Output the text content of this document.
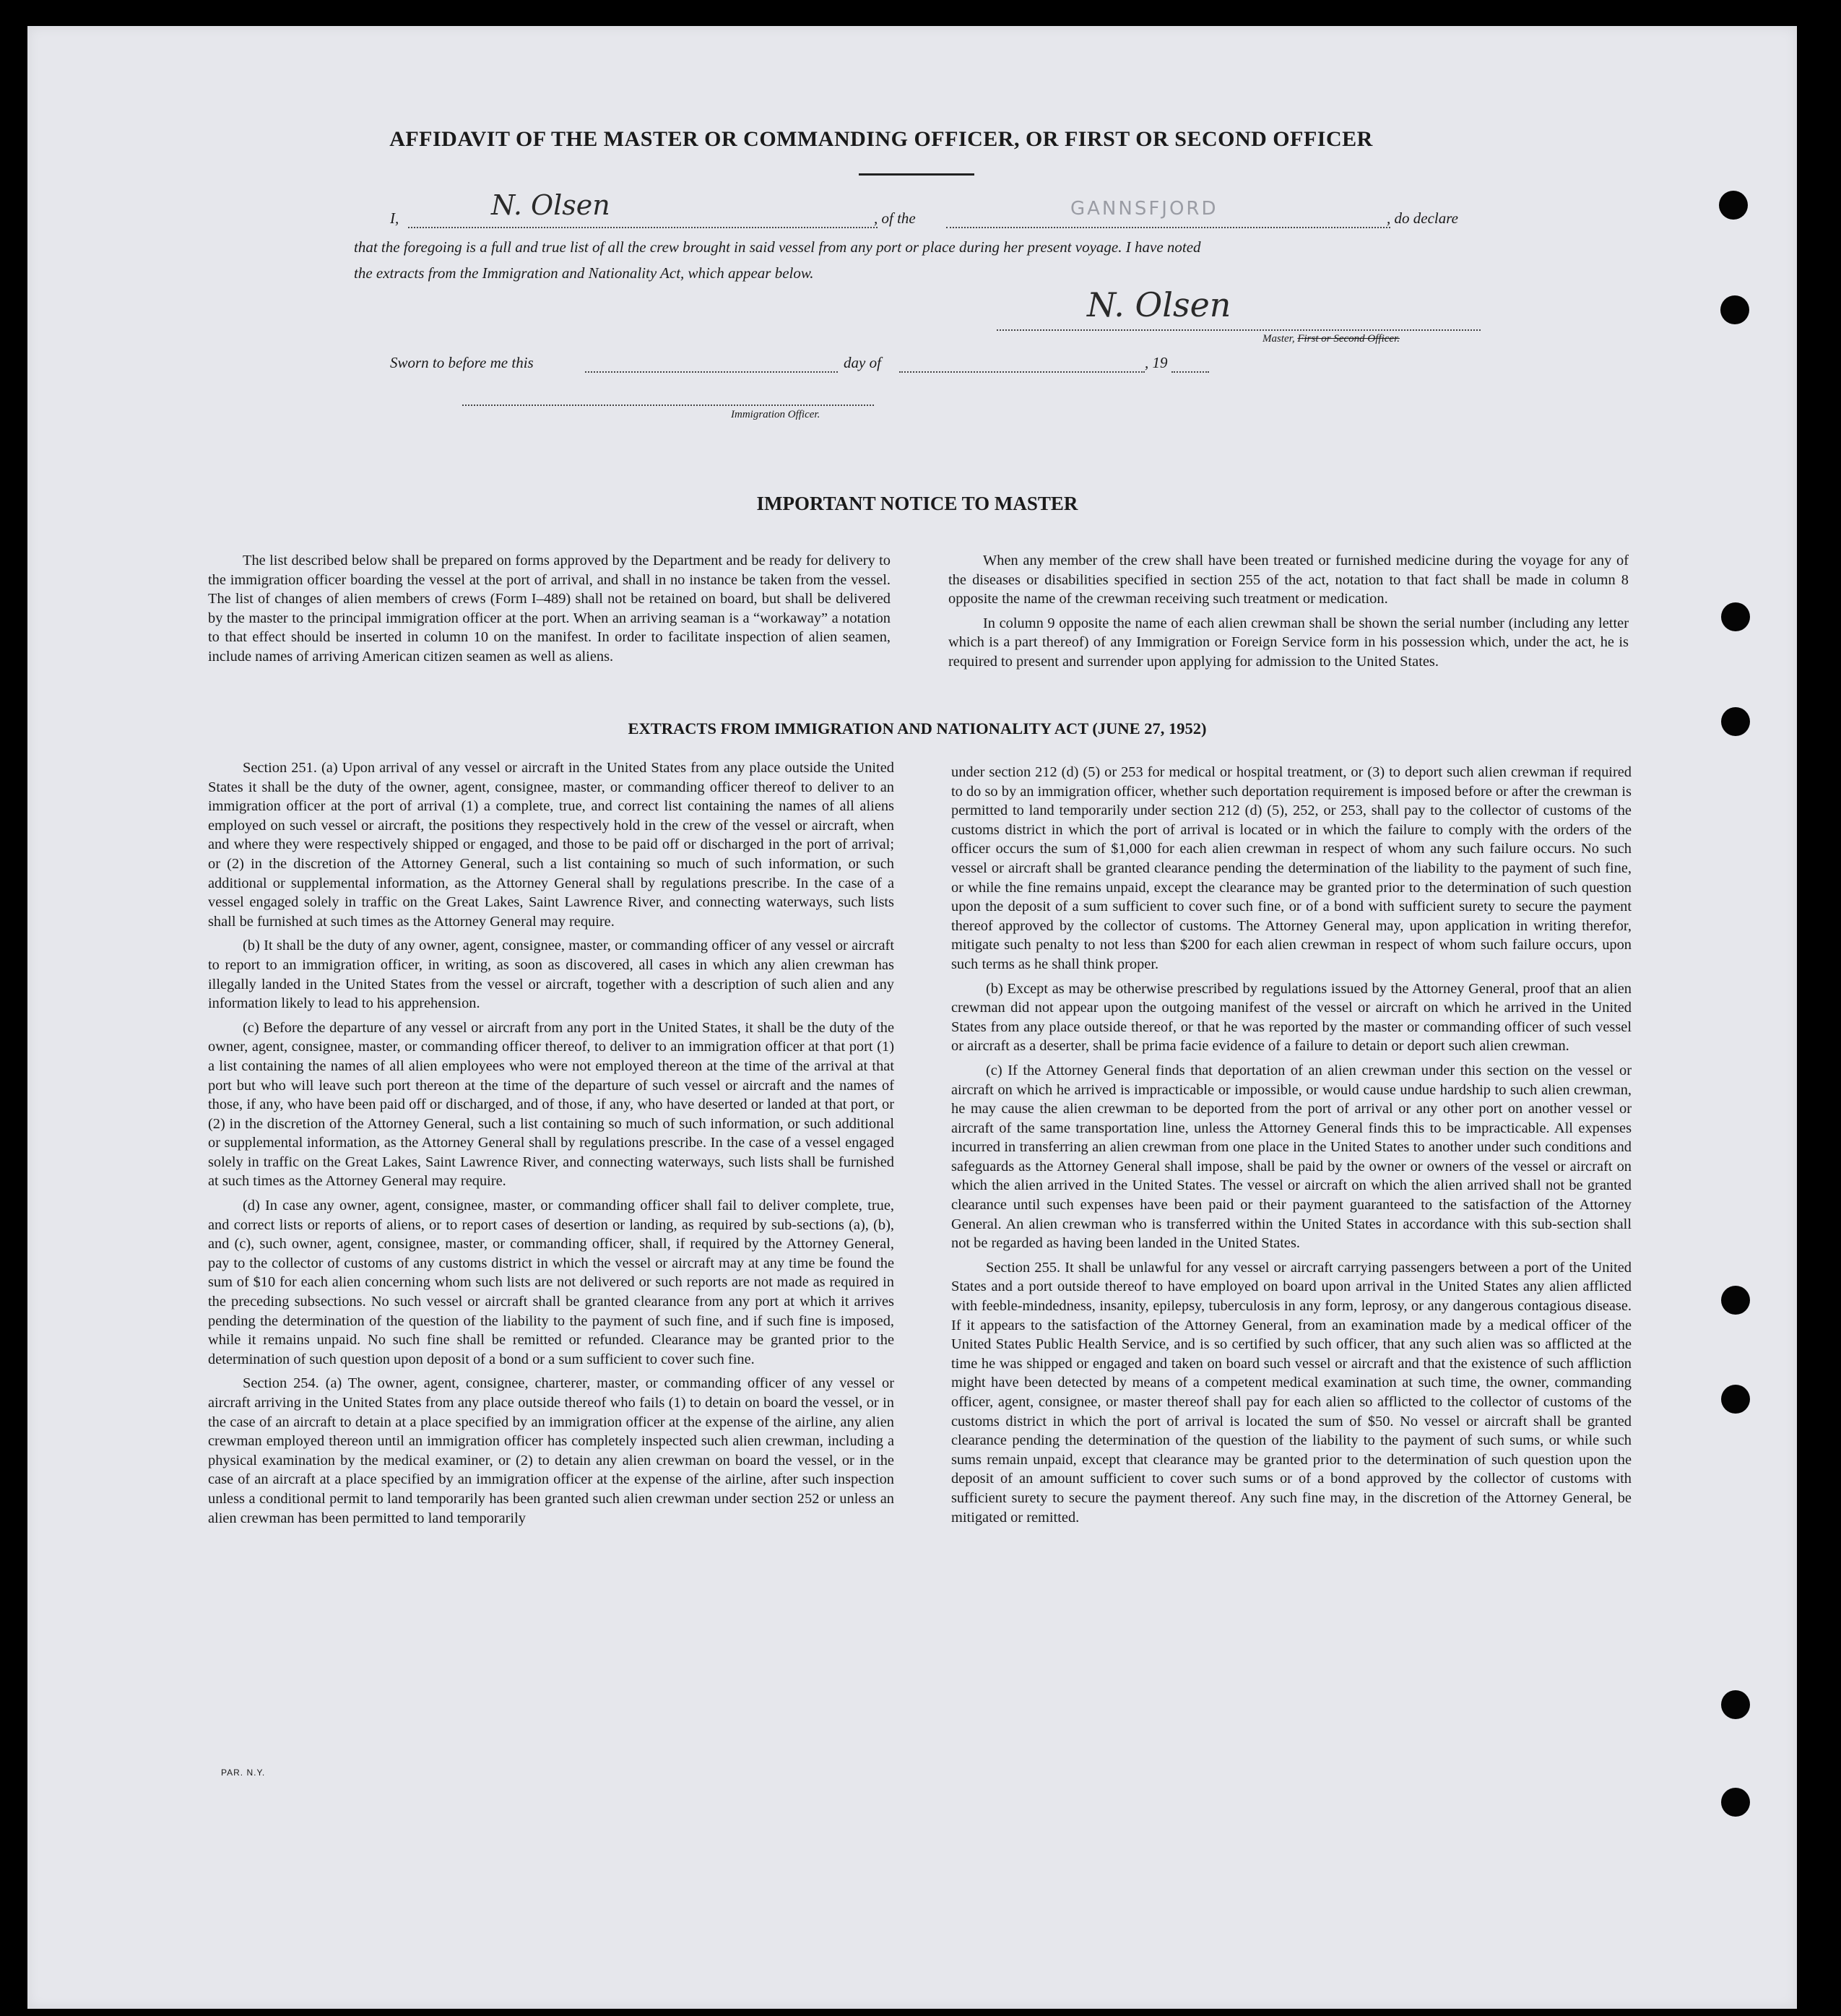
AFFIDAVIT OF THE MASTER OR COMMANDING OFFICER, OR FIRST OR SECOND OFFICER
I,	N. Olsen	, of the	GANNSFJORD	, do declare
that the foregoing is a full and true list of all the crew brought in said vessel from any port or place during her present voyage. I have noted
the extracts from the Immigration and Nationality Act, which appear below.
N. Olsen
Master, First or Second Officer.
Sworn to before me this	day of	, 19
Immigration Officer.
IMPORTANT NOTICE TO MASTER

The list described below shall be prepared on forms approved by the Department and be ready for delivery to the immigration officer boarding the vessel at the port of arrival, and shall in no instance be taken from the vessel. The list of changes of alien members of crews (Form I–489) shall not be retained on board, but shall be delivered by the master to the principal immigration officer at the port. When an arriving seaman is a “workaway” a notation to that effect should be inserted in column 10 on the manifest. In order to facilitate inspection of alien seamen, include names of arriving American citizen seamen as well as aliens.

When any member of the crew shall have been treated or furnished medicine during the voyage for any of the diseases or disabilities specified in section 255 of the act, notation to that fact shall be made in column 8 opposite the name of the crewman receiving such treatment or medication.

In column 9 opposite the name of each alien crewman shall be shown the serial number (including any letter which is a part thereof) of any Immigration or Foreign Service form in his possession which, under the act, he is required to present and surrender upon applying for admission to the United States.

EXTRACTS FROM IMMIGRATION AND NATIONALITY ACT (JUNE 27, 1952)

Section 251. (a) Upon arrival of any vessel or aircraft in the United States from any place outside the United States it shall be the duty of the owner, agent, consignee, master, or commanding officer thereof to deliver to an immigration officer at the port of arrival (1) a complete, true, and correct list containing the names of all aliens employed on such vessel or aircraft, the positions they respectively hold in the crew of the vessel or aircraft, when and where they were respectively shipped or engaged, and those to be paid off or discharged in the port of arrival; or (2) in the discretion of the Attorney General, such a list containing so much of such information, or such additional or supplemental information, as the Attorney General shall by regulations prescribe. In the case of a vessel engaged solely in traffic on the Great Lakes, Saint Lawrence River, and connecting waterways, such lists shall be furnished at such times as the Attorney General may require.

(b) It shall be the duty of any owner, agent, consignee, master, or commanding officer of any vessel or aircraft to report to an immigration officer, in writing, as soon as discovered, all cases in which any alien crewman has illegally landed in the United States from the vessel or aircraft, together with a description of such alien and any information likely to lead to his apprehension.

(c) Before the departure of any vessel or aircraft from any port in the United States, it shall be the duty of the owner, agent, consignee, master, or commanding officer thereof, to deliver to an immigration officer at that port (1) a list containing the names of all alien employees who were not employed thereon at the time of the arrival at that port but who will leave such port thereon at the time of the departure of such vessel or aircraft and the names of those, if any, who have been paid off or discharged, and of those, if any, who have deserted or landed at that port, or (2) in the discretion of the Attorney General, such a list containing so much of such information, or such additional or supplemental information, as the Attorney General shall by regulations prescribe. In the case of a vessel engaged solely in traffic on the Great Lakes, Saint Lawrence River, and connecting waterways, such lists shall be furnished at such times as the Attorney General may require.

(d) In case any owner, agent, consignee, master, or commanding officer shall fail to deliver complete, true, and correct lists or reports of aliens, or to report cases of desertion or landing, as required by sub-sections (a), (b), and (c), such owner, agent, consignee, master, or commanding officer, shall, if required by the Attorney General, pay to the collector of customs of any customs district in which the vessel or aircraft may at any time be found the sum of $10 for each alien concerning whom such lists are not delivered or such reports are not made as required in the preceding subsections. No such vessel or aircraft shall be granted clearance from any port at which it arrives pending the determination of the question of the liability to the payment of such fine, and if such fine is imposed, while it remains unpaid. No such fine shall be remitted or refunded. Clearance may be granted prior to the determination of such question upon deposit of a bond or a sum sufficient to cover such fine.

Section 254. (a) The owner, agent, consignee, charterer, master, or commanding officer of any vessel or aircraft arriving in the United States from any place outside thereof who fails (1) to detain on board the vessel, or in the case of an aircraft to detain at a place specified by an immigration officer at the expense of the airline, any alien crewman employed thereon until an immigration officer has completely inspected such alien crewman, including a physical examination by the medical examiner, or (2) to detain any alien crewman on board the vessel, or in the case of an aircraft at a place specified by an immigration officer at the expense of the airline, after such inspection unless a conditional permit to land temporarily has been granted such alien crewman under section 252 or unless an alien crewman has been permitted to land temporarily

under section 212 (d) (5) or 253 for medical or hospital treatment, or (3) to deport such alien crewman if required to do so by an immigration officer, whether such deportation requirement is imposed before or after the crewman is permitted to land temporarily under section 212 (d) (5), 252, or 253, shall pay to the collector of customs of the customs district in which the port of arrival is located or in which the failure to comply with the orders of the officer occurs the sum of $1,000 for each alien crewman in respect of whom any such failure occurs. No such vessel or aircraft shall be granted clearance pending the determination of the liability to the payment of such fine, or while the fine remains unpaid, except the clearance may be granted prior to the determination of such question upon the deposit of a sum sufficient to cover such fine, or of a bond with sufficient surety to secure the payment thereof approved by the collector of customs. The Attorney General may, upon application in writing therefor, mitigate such penalty to not less than $200 for each alien crewman in respect of whom such failure occurs, upon such terms as he shall think proper.

(b) Except as may be otherwise prescribed by regulations issued by the Attorney General, proof that an alien crewman did not appear upon the outgoing manifest of the vessel or aircraft on which he arrived in the United States from any place outside thereof, or that he was reported by the master or commanding officer of such vessel or aircraft as a deserter, shall be prima facie evidence of a failure to detain or deport such alien crewman.

(c) If the Attorney General finds that deportation of an alien crewman under this section on the vessel or aircraft on which he arrived is impracticable or impossible, or would cause undue hardship to such alien crewman, he may cause the alien crewman to be deported from the port of arrival or any other port on another vessel or aircraft of the same transportation line, unless the Attorney General finds this to be impracticable. All expenses incurred in transferring an alien crewman from one place in the United States to another under such conditions and safeguards as the Attorney General shall impose, shall be paid by the owner or owners of the vessel or aircraft on which the alien arrived in the United States. The vessel or aircraft on which the alien arrived shall not be granted clearance until such expenses have been paid or their payment guaranteed to the satisfaction of the Attorney General. An alien crewman who is transferred within the United States in accordance with this sub-section shall not be regarded as having been landed in the United States.

Section 255. It shall be unlawful for any vessel or aircraft carrying passengers between a port of the United States and a port outside thereof to have employed on board upon arrival in the United States any alien afflicted with feeble-mindedness, insanity, epilepsy, tuberculosis in any form, leprosy, or any dangerous contagious disease. If it appears to the satisfaction of the Attorney General, from an examination made by a medical officer of the United States Public Health Service, and is so certified by such officer, that any such alien was so afflicted at the time he was shipped or engaged and taken on board such vessel or aircraft and that the existence of such affliction might have been detected by means of a competent medical examination at such time, the owner, commanding officer, agent, consignee, or master thereof shall pay for each alien so afflicted to the collector of customs of the customs district in which the port of arrival is located the sum of $50. No vessel or aircraft shall be granted clearance pending the determination of the question of the liability to the payment of such sums, or while such sums remain unpaid, except that clearance may be granted prior to the determination of such question upon the deposit of an amount sufficient to cover such sums or of a bond approved by the collector of customs with sufficient surety to secure the payment thereof. Any such fine may, in the discretion of the Attorney General, be mitigated or remitted.

PAR. N.Y.
